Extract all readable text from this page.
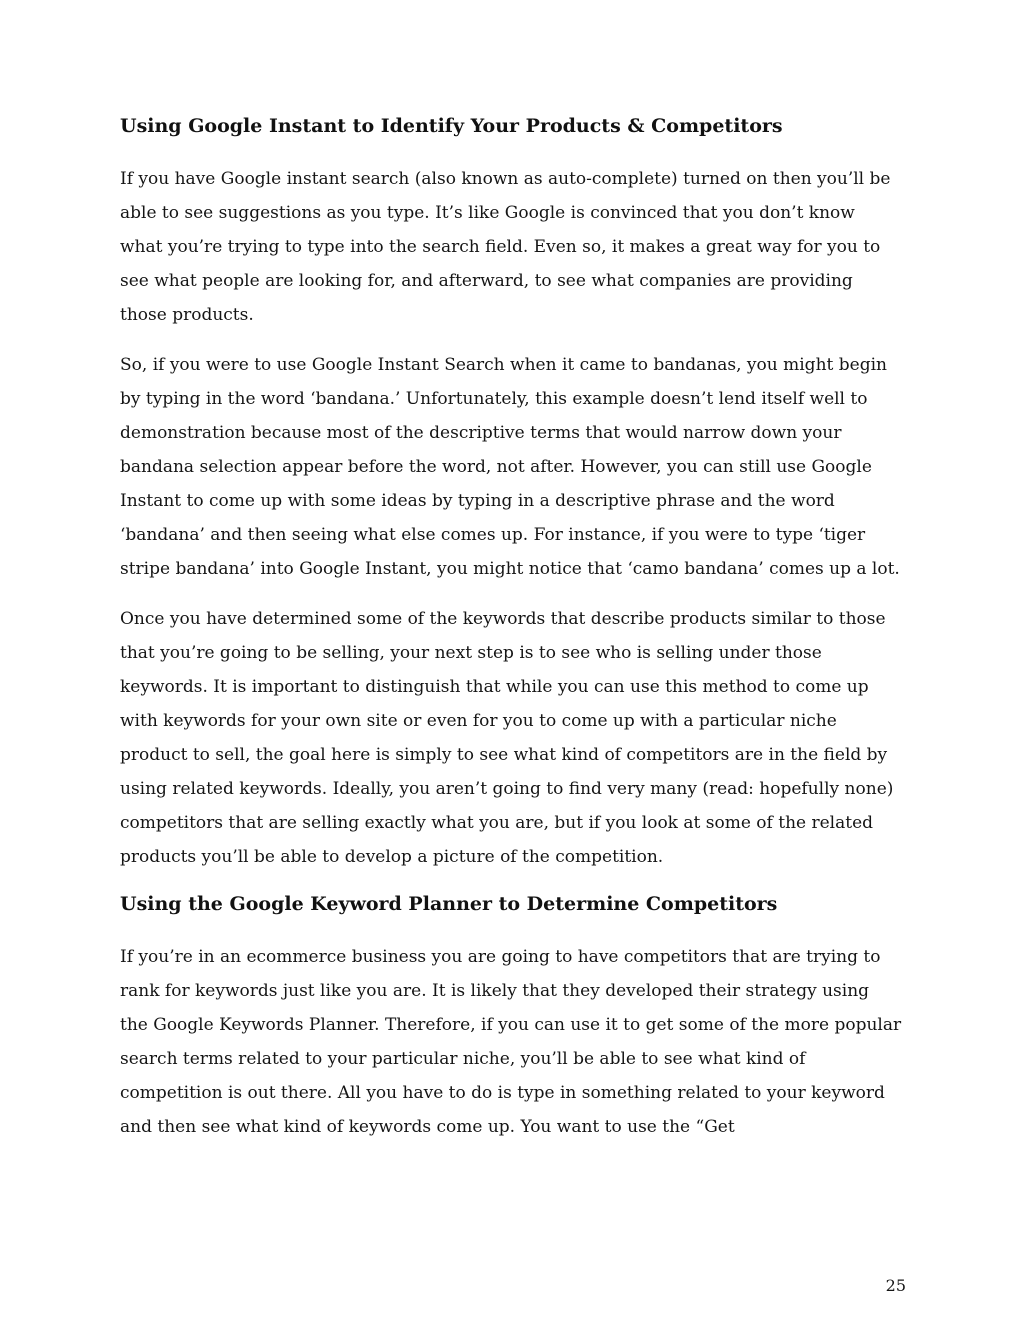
Using Google Instant to Identify Your Products & Competitors

If you have Google instant search (also known as auto-complete) turned on then you’ll be able to see suggestions as you type. It’s like Google is convinced that you don’t know what you’re trying to type into the search field. Even so, it makes a great way for you to see what people are looking for, and afterward, to see what companies are providing those products.

So, if you were to use Google Instant Search when it came to bandanas, you might begin by typing in the word ‘bandana.’ Unfortunately, this example doesn’t lend itself well to demonstration because most of the descriptive terms that would narrow down your bandana selection appear before the word, not after. However, you can still use Google Instant to come up with some ideas by typing in a descriptive phrase and the word ‘bandana’ and then seeing what else comes up. For instance, if you were to type ‘tiger stripe bandana’ into Google Instant, you might notice that ‘camo bandana’ comes up a lot.

Once you have determined some of the keywords that describe products similar to those that you’re going to be selling, your next step is to see who is selling under those keywords. It is important to distinguish that while you can use this method to come up with keywords for your own site or even for you to come up with a particular niche product to sell, the goal here is simply to see what kind of competitors are in the field by using related keywords. Ideally, you aren’t going to find very many (read: hopefully none) competitors that are selling exactly what you are, but if you look at some of the related products you’ll be able to develop a picture of the competition.

Using the Google Keyword Planner to Determine Competitors

If you’re in an ecommerce business you are going to have competitors that are trying to rank for keywords just like you are. It is likely that they developed their strategy using the Google Keywords Planner. Therefore, if you can use it to get some of the more popular search terms related to your particular niche, you’ll be able to see what kind of competition is out there. All you have to do is type in something related to your keyword and then see what kind of keywords come up. You want to use the “Get

25
